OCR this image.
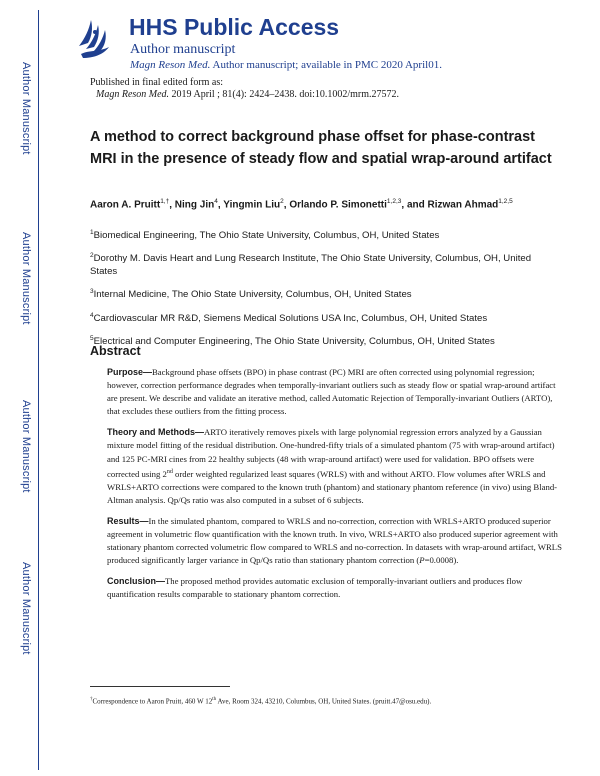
Author Manuscript
Author Manuscript
Author Manuscript
Author Manuscript
HHS Public Access
Author manuscript
Magn Reson Med. Author manuscript; available in PMC 2020 April01.
Published in final edited form as:
Magn Reson Med. 2019 April ; 81(4): 2424–2438. doi:10.1002/mrm.27572.
A method to correct background phase offset for phase-contrast MRI in the presence of steady flow and spatial wrap-around artifact
Aaron A. Pruitt$^{1,\dagger}$, Ning Jin$^4$, Yingmin Liu$^2$, Orlando P. Simonetti$^{1,2,3}$, and Rizwan Ahmad$^{1,2,5}$
$^1$Biomedical Engineering, The Ohio State University, Columbus, OH, United States
$^2$Dorothy M. Davis Heart and Lung Research Institute, The Ohio State University, Columbus, OH, United States
$^3$Internal Medicine, The Ohio State University, Columbus, OH, United States
$^4$Cardiovascular MR R&D, Siemens Medical Solutions USA Inc, Columbus, OH, United States
$^5$Electrical and Computer Engineering, The Ohio State University, Columbus, OH, United States
Abstract

Purpose—Background phase offsets (BPO) in phase contrast (PC) MRI are often corrected using polynomial regression; however, correction performance degrades when temporally-invariant outliers such as steady flow or spatial wrap-around artifact are present. We describe and validate an iterative method, called Automatic Rejection of Temporally-invariant Outliers (ARTO), that excludes these outliers from the fitting process.

Theory and Methods—ARTO iteratively removes pixels with large polynomial regression errors analyzed by a Gaussian mixture model fitting of the residual distribution. One-hundred-fifty trials of a simulated phantom (75 with wrap-around artifact) and 125 PC-MRI cines from 22 healthy subjects (48 with wrap-around artifact) were used for validation. BPO offsets were corrected using 2nd order weighted regularized least squares (WRLS) with and without ARTO. Flow volumes after WRLS and WRLS+ARTO corrections were compared to the known truth (phantom) and stationary phantom reference (in vivo) using Bland-Altman analysis. Qp/Qs ratio was also computed in a subset of 6 subjects.

Results—In the simulated phantom, compared to WRLS and no-correction, correction with WRLS+ARTO produced superior agreement in volumetric flow quantification with the known truth. In vivo, WRLS+ARTO also produced superior agreement with stationary phantom corrected volumetric flow compared to WRLS and no-correction. In datasets with wrap-around artifact, WRLS produced significantly larger variance in Qp/Qs ratio than stationary phantom correction (P=0.0008).

Conclusion—The proposed method provides automatic exclusion of temporally-invariant outliers and produces flow quantification results comparable to stationary phantom correction.

†Correspondence to Aaron Pruitt, 460 W 12th Ave, Room 324, 43210, Columbus, OH, United States. (pruitt.47@osu.edu).
